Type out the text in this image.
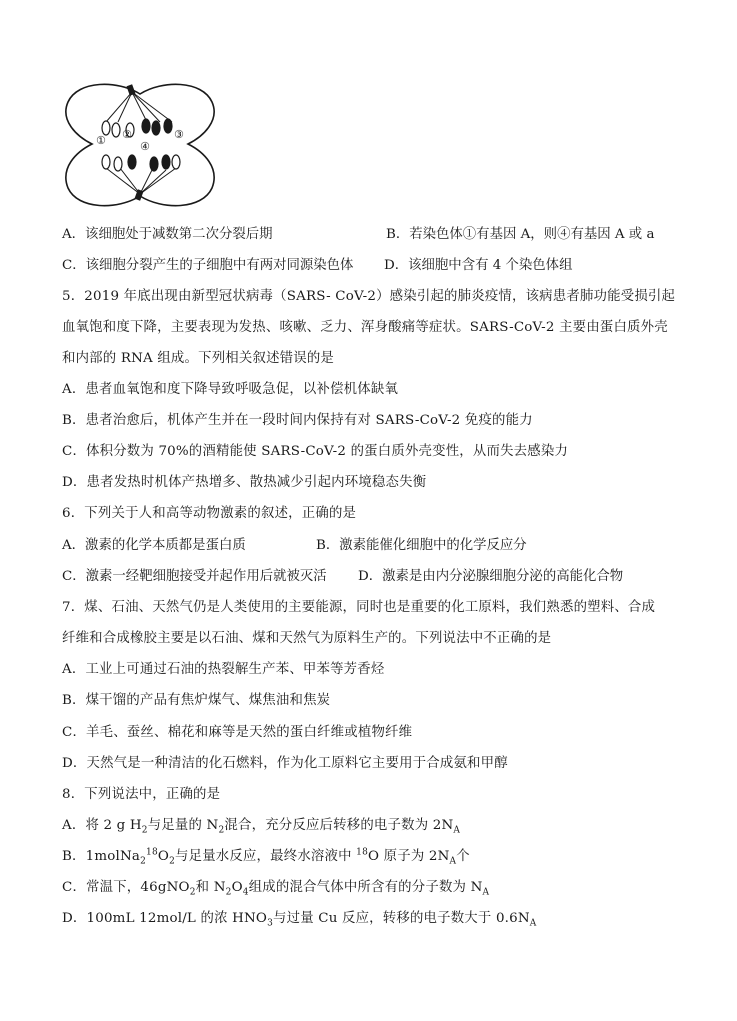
① ②	③
④
A．该细胞处于减数第二次分裂后期	B．若染色体①有基因 A，则④有基因 A 或 a
C．该细胞分裂产生的子细胞中有两对同源染色体 D．该细胞中含有 4 个染色体组
5．2019 年底出现由新型冠状病毒（SARS- CoV-2）感染引起的肺炎疫情，该病患者肺功能受损引起
血氧饱和度下降，主要表现为发热、咳嗽、乏力、浑身酸痛等症状。SARS-CoV-2 主要由蛋白质外壳
和内部的 RNA 组成。下列相关叙述错误的是
A．患者血氧饱和度下降导致呼吸急促，以补偿机体缺氧
B．患者治愈后，机体产生并在一段时间内保持有对 SARS-CoV-2 免疫的能力
C．体积分数为 70%的酒精能使 SARS-CoV-2 的蛋白质外壳变性，从而失去感染力
D．患者发热时机体产热增多、散热减少引起内环境稳态失衡
6．下列关于人和高等动物激素的叙述，正确的是
A．激素的化学本质都是蛋白质	B．激素能催化细胞中的化学反应分
C．激素一经靶细胞接受并起作用后就被灭活 D．激素是由内分泌腺细胞分泌的高能化合物
7．煤、石油、天然气仍是人类使用的主要能源，同时也是重要的化工原料，我们熟悉的塑料、合成
纤维和合成橡胶主要是以石油、煤和天然气为原料生产的。下列说法中不正确的是
A．工业上可通过石油的热裂解生产苯、甲苯等芳香烃
B．煤干馏的产品有焦炉煤气、煤焦油和焦炭
C．羊毛、蚕丝、棉花和麻等是天然的蛋白纤维或植物纤维
D．天然气是一种清洁的化石燃料，作为化工原料它主要用于合成氨和甲醇
8．下列说法中，正确的是
A．将 2 g $H_2$与足量的 $N_2$混合，充分反应后转移的电子数为 $2N_A$
B．$1molNa_2^{18}O_2$与足量水反应，最终水溶液中 $^{18}$O 原子为 $2N_A$个
C．常温下，46gNO$_2$和 $N_2O_4$组成的混合气体中所含有的分子数为 $N_A$
D．100mL 12mol/L 的浓 $HNO_3$与过量 Cu 反应，转移的电子数大于 $0.6N_A$
